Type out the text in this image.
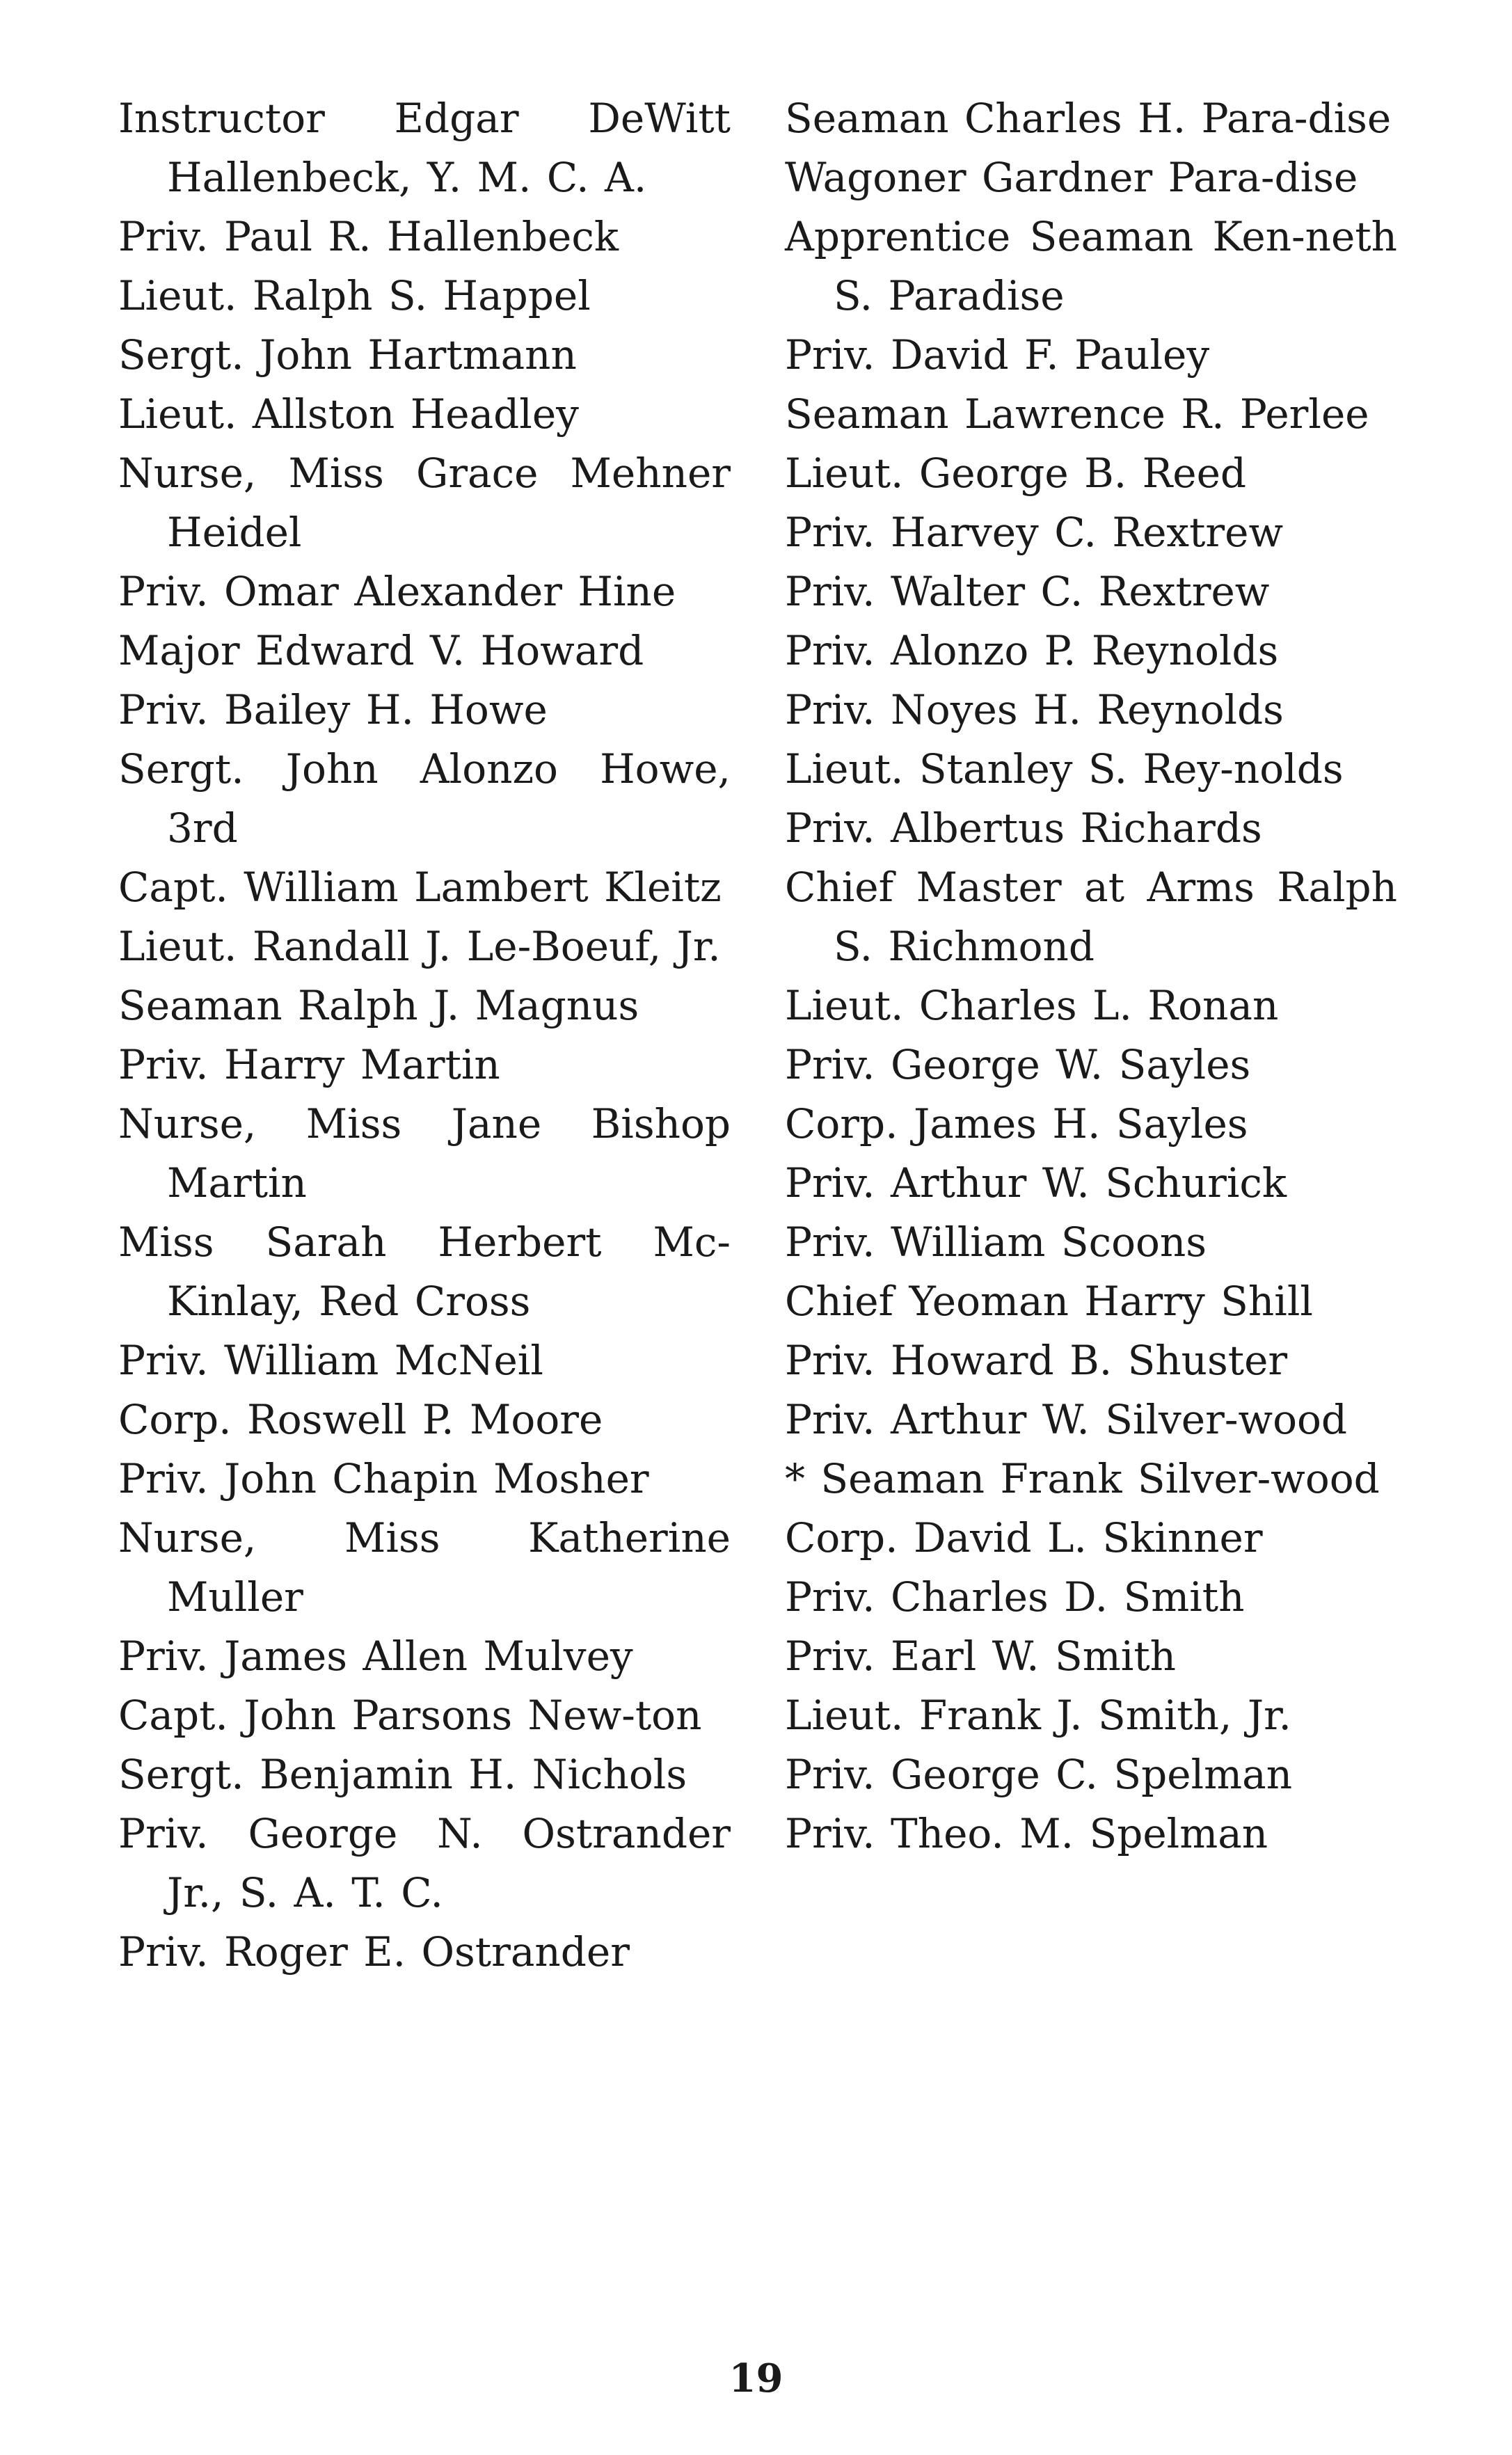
Instructor Edgar DeWitt Hallenbeck, Y. M. C. A.
Priv. Paul R. Hallenbeck
Lieut. Ralph S. Happel
Sergt. John Hartmann
Lieut. Allston Headley
Nurse, Miss Grace Mehner Heidel
Priv. Omar Alexander Hine
Major Edward V. Howard
Priv. Bailey H. Howe
Sergt. John Alonzo Howe, 3rd
Capt. William Lambert Kleitz
Lieut. Randall J. Le-Boeuf, Jr.
Seaman Ralph J. Magnus
Priv. Harry Martin
Nurse, Miss Jane Bishop Martin
Miss Sarah Herbert Mc-Kinlay, Red Cross
Priv. William McNeil
Corp. Roswell P. Moore
Priv. John Chapin Mosher
Nurse, Miss Katherine Muller
Priv. James Allen Mulvey
Capt. John Parsons New-ton
Sergt. Benjamin H. Nichols
Priv. George N. Ostrander Jr., S. A. T. C.
Priv. Roger E. Ostrander
Seaman Charles H. Para-dise
Wagoner Gardner Para-dise
Apprentice Seaman Ken-neth S. Paradise
Priv. David F. Pauley
Seaman Lawrence R. Perlee
Lieut. George B. Reed
Priv. Harvey C. Rextrew
Priv. Walter C. Rextrew
Priv. Alonzo P. Reynolds
Priv. Noyes H. Reynolds
Lieut. Stanley S. Rey-nolds
Priv. Albertus Richards
Chief Master at Arms Ralph S. Richmond
Lieut. Charles L. Ronan
Priv. George W. Sayles
Corp. James H. Sayles
Priv. Arthur W. Schurick
Priv. William Scoons
Chief Yeoman Harry Shill
Priv. Howard B. Shuster
Priv. Arthur W. Silver-wood
* Seaman Frank Silver-wood
Corp. David L. Skinner
Priv. Charles D. Smith
Priv. Earl W. Smith
Lieut. Frank J. Smith, Jr.
Priv. George C. Spelman
Priv. Theo. M. Spelman
19
